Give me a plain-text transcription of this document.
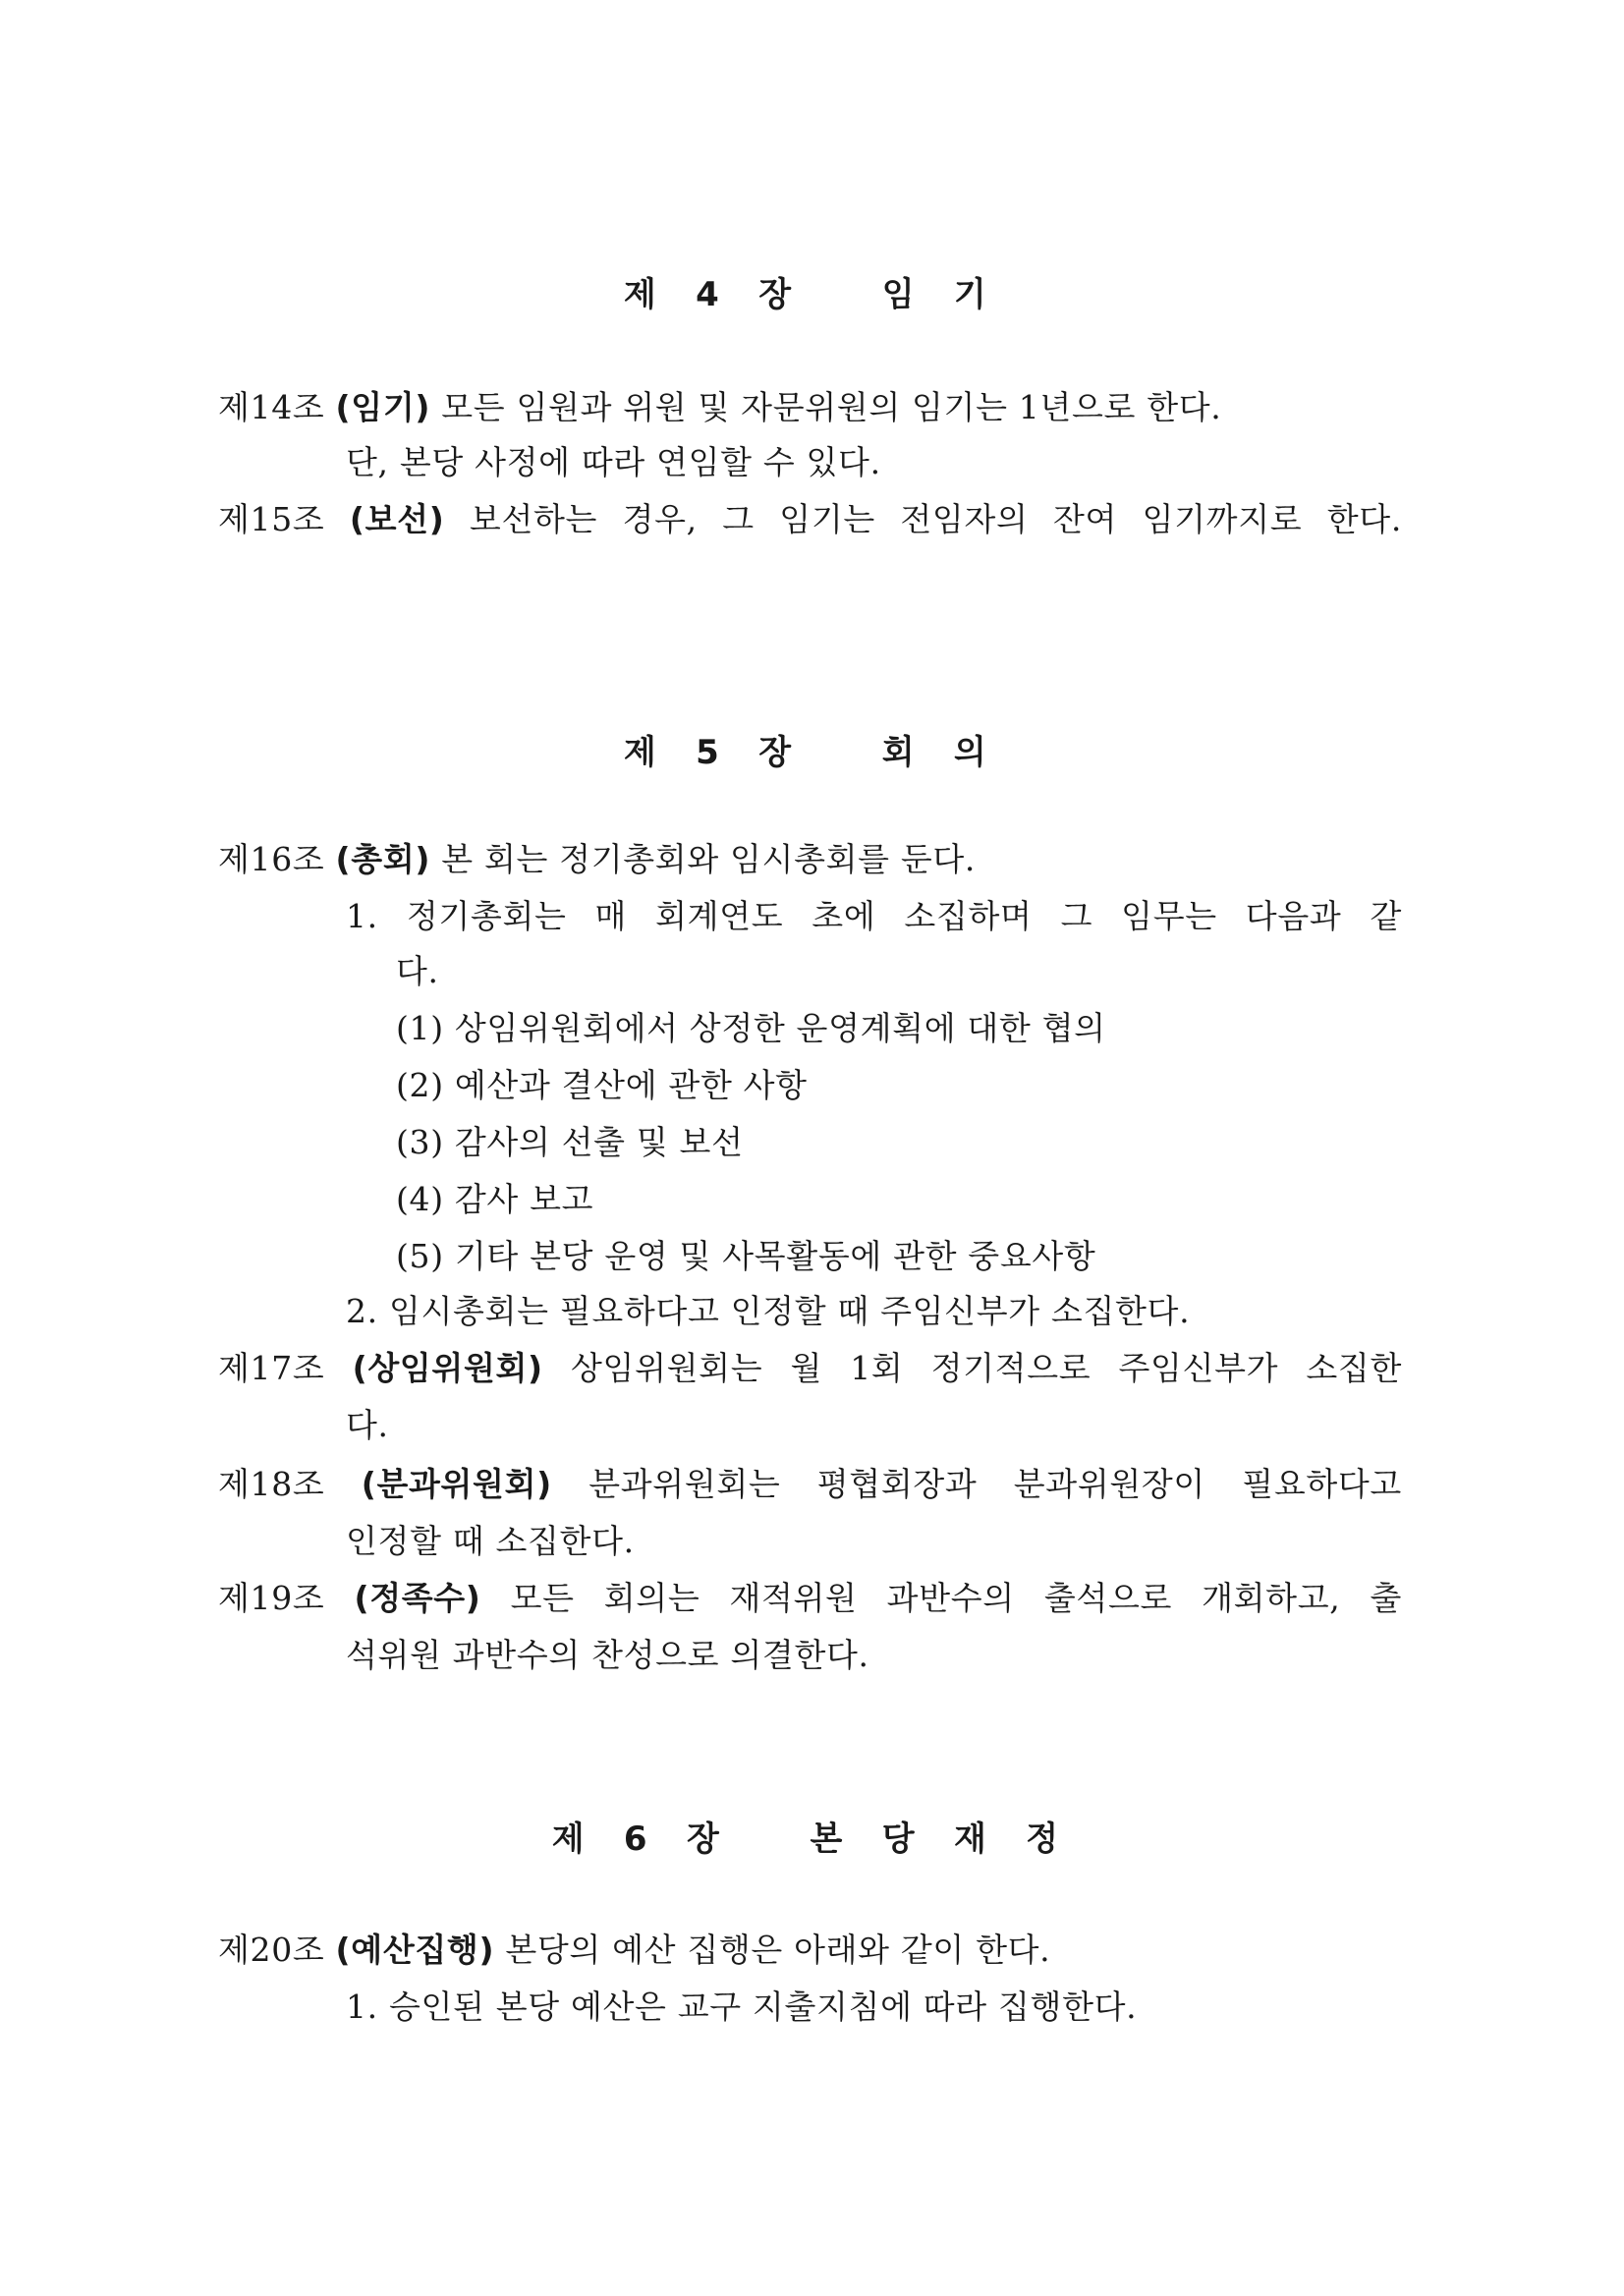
제 4 장   임 기
제14조 (임기) 모든 임원과 위원 및 자문위원의 임기는 1년으로 한다.
단, 본당 사정에 따라 연임할 수 있다.
제15조 (보선) 보선하는 경우, 그 임기는 전임자의 잔여 임기까지로 한다.
제 5 장   회 의
제16조 (총회) 본 회는 정기총회와 임시총회를 둔다.
1. 정기총회는 매 회계연도 초에 소집하며 그 임무는 다음과 같
다.
(1) 상임위원회에서 상정한 운영계획에 대한 협의
(2) 예산과 결산에 관한 사항
(3) 감사의 선출 및 보선
(4) 감사 보고
(5) 기타 본당 운영 및 사목활동에 관한 중요사항
2. 임시총회는 필요하다고 인정할 때 주임신부가 소집한다.
제17조 (상임위원회) 상임위원회는 월 1회 정기적으로 주임신부가 소집한
다.
제18조 (분과위원회) 분과위원회는 평협회장과 분과위원장이 필요하다고
인정할 때 소집한다.
제19조 (정족수) 모든 회의는 재적위원 과반수의 출석으로 개회하고, 출
석위원 과반수의 찬성으로 의결한다.
제 6 장   본 당 재 정
제20조 (예산집행) 본당의 예산 집행은 아래와 같이 한다.
1. 승인된 본당 예산은 교구 지출지침에 따라 집행한다.
